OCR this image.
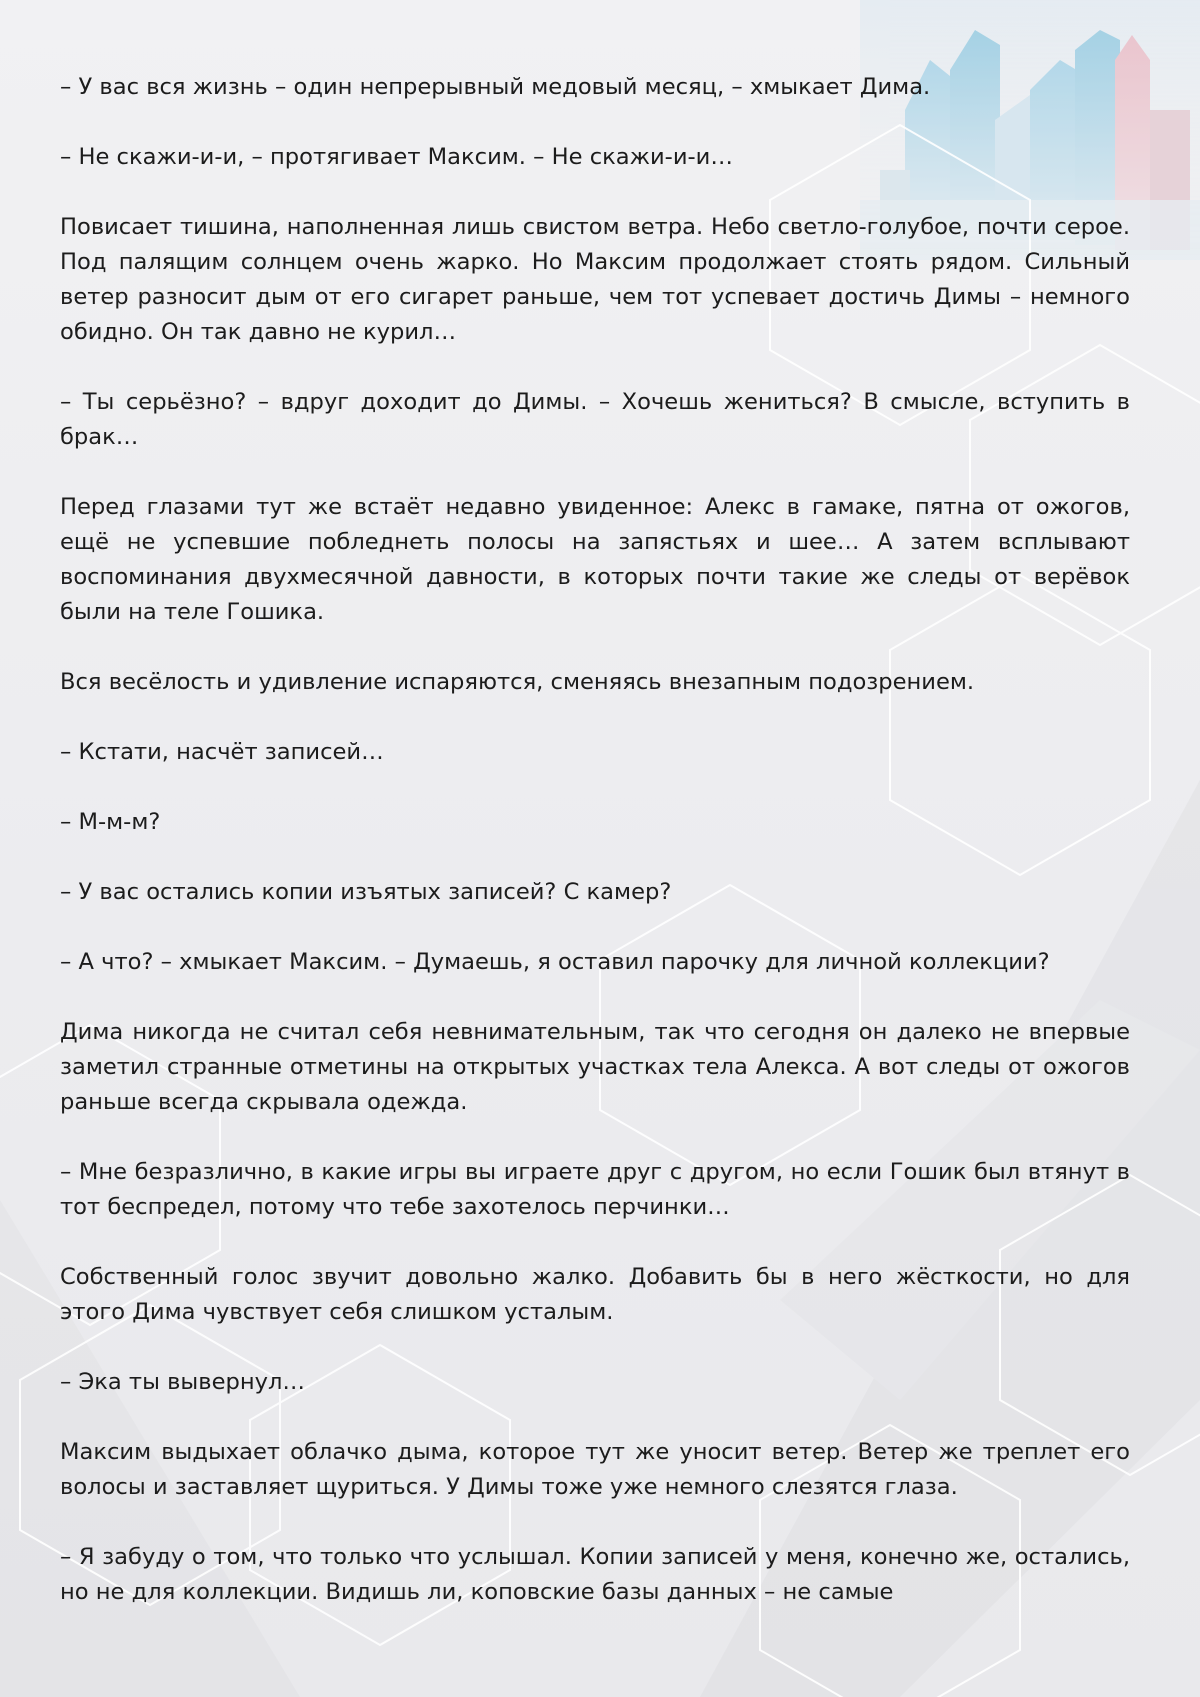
– У вас вся жизнь – один непрерывный медовый месяц, – хмыкает Дима.

– Не скажи-и-и, – протягивает Максим. – Не скажи-и-и…

Повисает тишина, наполненная лишь свистом ветра. Небо светло-голубое, почти серое. Под палящим солнцем очень жарко. Но Максим продолжает стоять рядом. Сильный ветер разносит дым от его сигарет раньше, чем тот успевает достичь Димы – немного обидно. Он так давно не курил…

– Ты серьёзно? – вдруг доходит до Димы. – Хочешь жениться? В смысле, вступить в брак…

Перед глазами тут же встаёт недавно увиденное: Алекс в гамаке, пятна от ожогов, ещё не успевшие побледнеть полосы на запястьях и шее… А затем всплывают воспоминания двухмесячной давности, в которых почти такие же следы от верёвок были на теле Гошика.

Вся весёлость и удивление испаряются, сменяясь внезапным подозрением.

– Кстати, насчёт записей…

– М-м-м?

– У вас остались копии изъятых записей? С камер?

– А что? – хмыкает Максим. – Думаешь, я оставил парочку для личной коллекции?

Дима никогда не считал себя невнимательным, так что сегодня он далеко не впервые заметил странные отметины на открытых участках тела Алекса. А вот следы от ожогов раньше всегда скрывала одежда.

– Мне безразлично, в какие игры вы играете друг с другом, но если Гошик был втянут в тот беспредел, потому что тебе захотелось перчинки…

Собственный голос звучит довольно жалко. Добавить бы в него жёсткости, но для этого Дима чувствует себя слишком усталым.

– Эка ты вывернул…

Максим выдыхает облачко дыма, которое тут же уносит ветер. Ветер же треплет его волосы и заставляет щуриться. У Димы тоже уже немного слезятся глаза.

– Я забуду о том, что только что услышал. Копии записей у меня, конечно же, остались, но не для коллекции. Видишь ли, коповские базы данных – не самые
